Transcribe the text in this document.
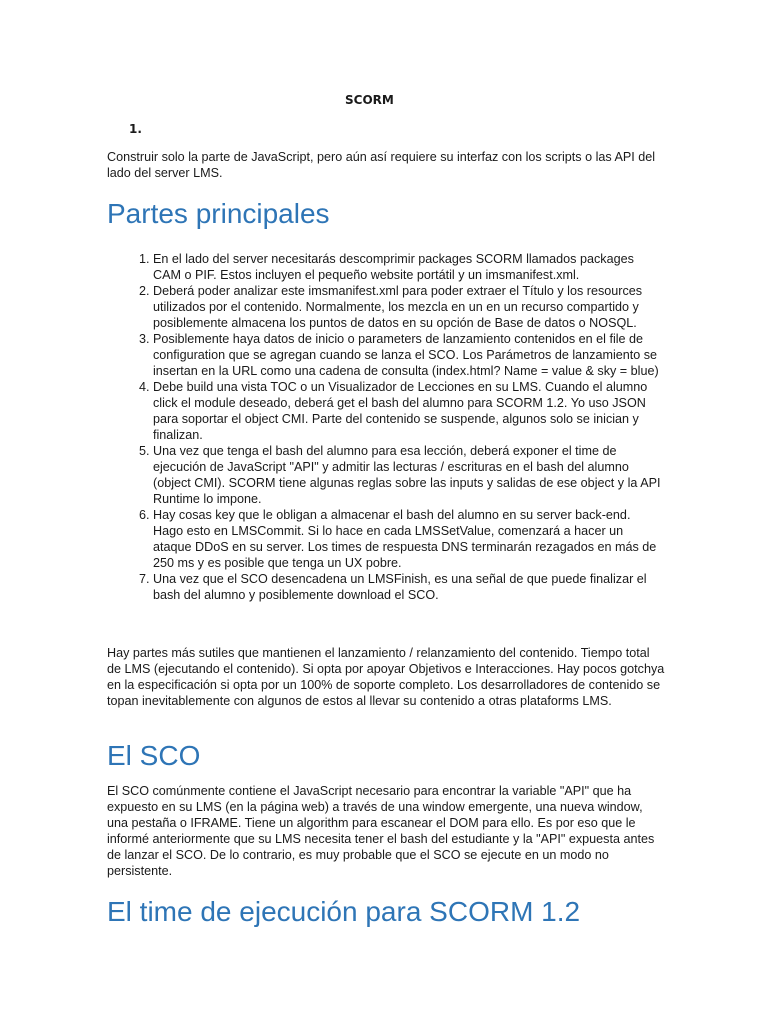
SCORM

1.

Construir solo la parte de JavaScript, pero aún así requiere su interfaz con los scripts o las API del lado del server LMS.

Partes principales
1. En el lado del server necesitarás descomprimir packages SCORM llamados packages CAM o PIF. Estos incluyen el pequeño website portátil y un imsmanifest.xml.
2. Deberá poder analizar este imsmanifest.xml para poder extraer el Título y los resources utilizados por el contenido. Normalmente, los mezcla en un en un recurso compartido y posiblemente almacena los puntos de datos en su opción de Base de datos o NOSQL.
3. Posiblemente haya datos de inicio o parameters de lanzamiento contenidos en el file de configuration que se agregan cuando se lanza el SCO. Los Parámetros de lanzamiento se insertan en la URL como una cadena de consulta (index.html? Name = value & sky = blue)
4. Debe build una vista TOC o un Visualizador de Lecciones en su LMS. Cuando el alumno click el module deseado, deberá get el bash del alumno para SCORM 1.2. Yo uso JSON para soportar el object CMI. Parte del contenido se suspende, algunos solo se inician y finalizan.
5. Una vez que tenga el bash del alumno para esa lección, deberá exponer el time de ejecución de JavaScript "API" y admitir las lecturas / escrituras en el bash del alumno (object CMI). SCORM tiene algunas reglas sobre las inputs y salidas de ese object y la API Runtime lo impone.
6. Hay cosas key que le obligan a almacenar el bash del alumno en su server back-end. Hago esto en LMSCommit. Si lo hace en cada LMSSetValue, comenzará a hacer un ataque DDoS en su server. Los times de respuesta DNS terminarán rezagados en más de 250 ms y es posible que tenga un UX pobre.
7. Una vez que el SCO desencadena un LMSFinish, es una señal de que puede finalizar el bash del alumno y posiblemente download el SCO.

Hay partes más sutiles que mantienen el lanzamiento / relanzamiento del contenido. Tiempo total de LMS (ejecutando el contenido). Si opta por apoyar Objetivos e Interacciones. Hay pocos gotchya en la especificación si opta por un 100% de soporte completo. Los desarrolladores de contenido se topan inevitablemente con algunos de estos al llevar su contenido a otras plataforms LMS.

El SCO

El SCO comúnmente contiene el JavaScript necesario para encontrar la variable "API" que ha expuesto en su LMS (en la página web) a través de una window emergente, una nueva window, una pestaña o IFRAME. Tiene un algorithm para escanear el DOM para ello. Es por eso que le informé anteriormente que su LMS necesita tener el bash del estudiante y la "API" expuesta antes de lanzar el SCO. De lo contrario, es muy probable que el SCO se ejecute en un modo no persistente.

El time de ejecución para SCORM 1.2
